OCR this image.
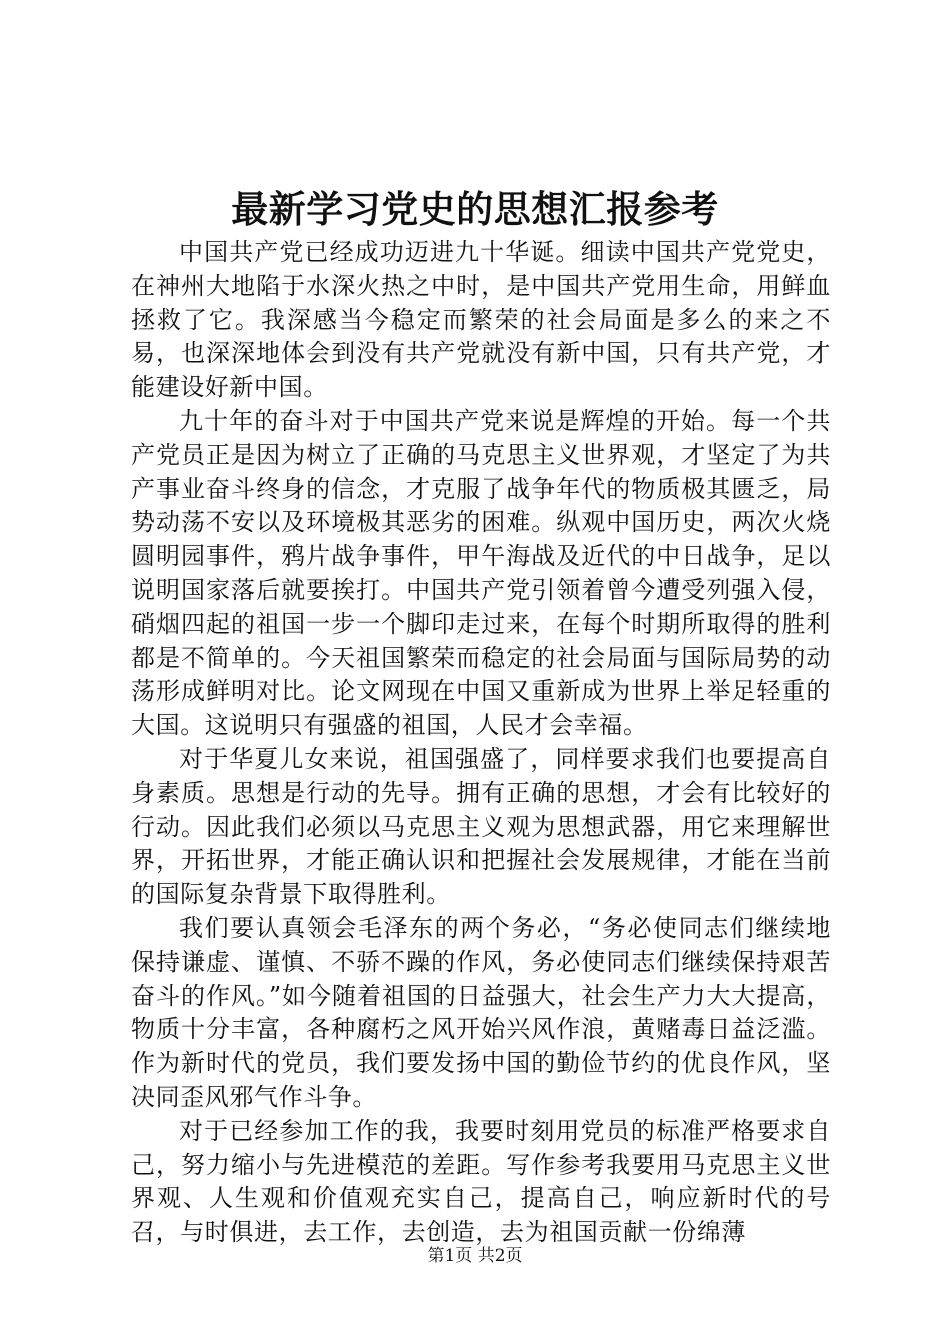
最新学习党史的思想汇报参考

中国共产党已经成功迈进九十华诞。细读中国共产党党史，在神州大地陷于水深火热之中时，是中国共产党用生命，用鲜血拯救了它。我深感当今稳定而繁荣的社会局面是多么的来之不易，也深深地体会到没有共产党就没有新中国，只有共产党，才能建设好新中国。

九十年的奋斗对于中国共产党来说是辉煌的开始。每一个共产党员正是因为树立了正确的马克思主义世界观，才坚定了为共产事业奋斗终身的信念，才克服了战争年代的物质极其匮乏，局势动荡不安以及环境极其恶劣的困难。纵观中国历史，两次火烧圆明园事件，鸦片战争事件，甲午海战及近代的中日战争，足以说明国家落后就要挨打。中国共产党引领着曾今遭受列强入侵，硝烟四起的祖国一步一个脚印走过来，在每个时期所取得的胜利都是不简单的。今天祖国繁荣而稳定的社会局面与国际局势的动荡形成鲜明对比。论文网现在中国又重新成为世界上举足轻重的大国。这说明只有强盛的祖国，人民才会幸福。

对于华夏儿女来说，祖国强盛了，同样要求我们也要提高自身素质。思想是行动的先导。拥有正确的思想，才会有比较好的行动。因此我们必须以马克思主义观为思想武器，用它来理解世界，开拓世界，才能正确认识和把握社会发展规律，才能在当前的国际复杂背景下取得胜利。

我们要认真领会毛泽东的两个务必，“务必使同志们继续地保持谦虚、谨慎、不骄不躁的作风，务必使同志们继续保持艰苦奋斗的作风。”如今随着祖国的日益强大，社会生产力大大提高，物质十分丰富，各种腐朽之风开始兴风作浪，黄赌毒日益泛滥。作为新时代的党员，我们要发扬中国的勤俭节约的优良作风，坚决同歪风邪气作斗争。

对于已经参加工作的我，我要时刻用党员的标准严格要求自己，努力缩小与先进模范的差距。写作参考我要用马克思主义世界观、人生观和价值观充实自己，提高自己，响应新时代的号召，与时俱进，去工作，去创造，去为祖国贡献一份绵薄

第1页 共2页
